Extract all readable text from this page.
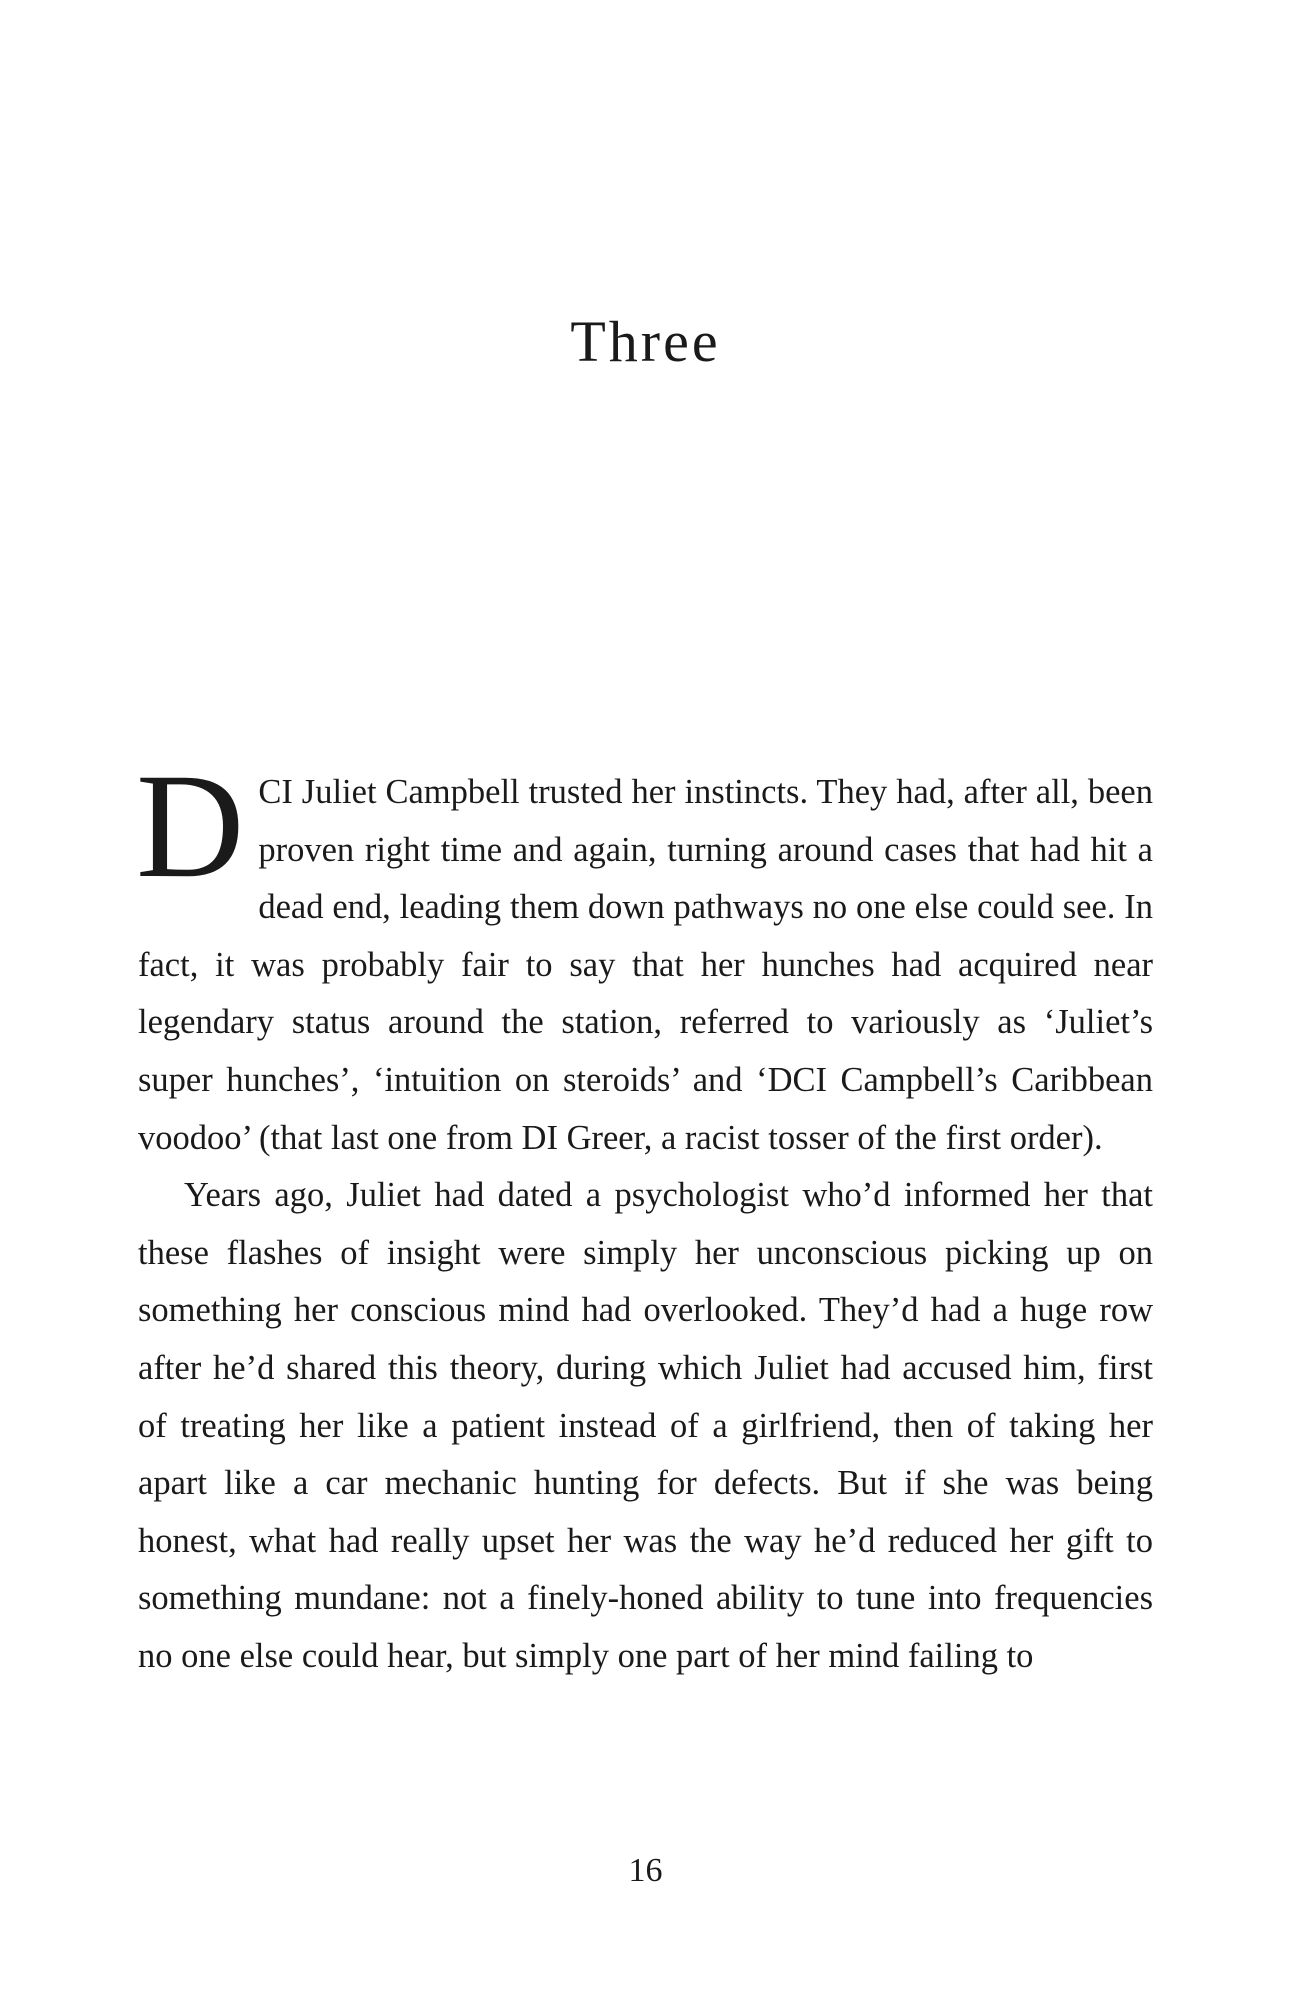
Three

DCI Juliet Campbell trusted her instincts. They had, after all, been proven right time and again, turning around cases that had hit a dead end, leading them down pathways no one else could see. In fact, it was probably fair to say that her hunches had acquired near legendary status around the station, referred to variously as ‘Juliet’s super hunches’, ‘intuition on steroids’ and ‘DCI Campbell’s Caribbean voodoo’ (that last one from DI Greer, a racist tosser of the first order).

Years ago, Juliet had dated a psychologist who’d informed her that these flashes of insight were simply her unconscious picking up on something her conscious mind had overlooked. They’d had a huge row after he’d shared this theory, during which Juliet had accused him, first of treating her like a patient instead of a girlfriend, then of taking her apart like a car mechanic hunting for defects. But if she was being honest, what had really upset her was the way he’d reduced her gift to something mundane: not a finely-honed ability to tune into frequencies no one else could hear, but simply one part of her mind failing to

16
